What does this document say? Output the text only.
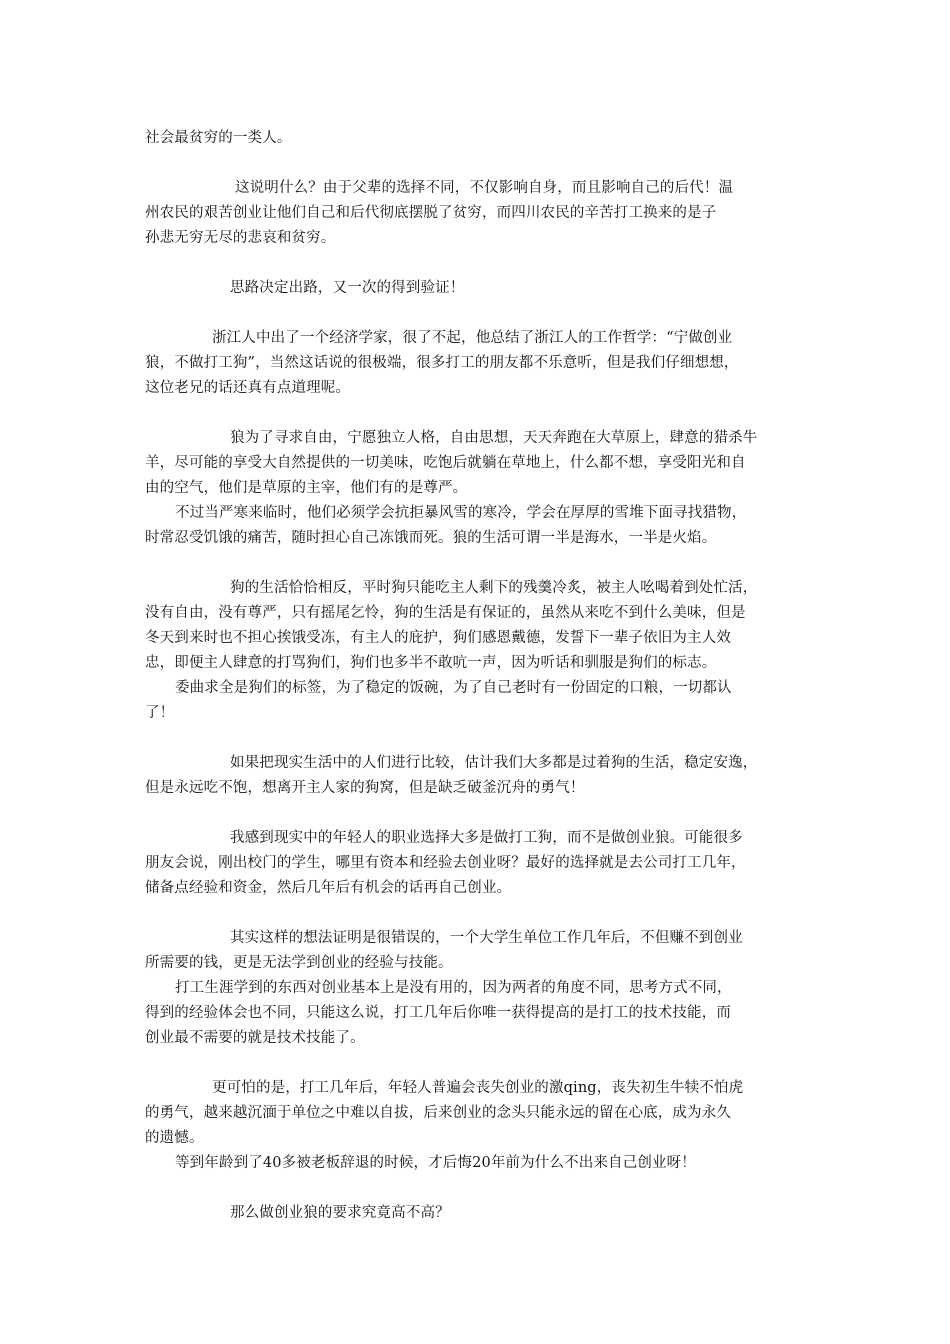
社会最贫穷的一类人。
这说明什么？由于父辈的选择不同，不仅影响自身，而且影响自己的后代！温
州农民的艰苦创业让他们自己和后代彻底摆脱了贫穷，而四川农民的辛苦打工换来的是子
孙悲无穷无尽的悲哀和贫穷。
思路决定出路，又一次的得到验证！
浙江人中出了一个经济学家，很了不起，他总结了浙江人的工作哲学：“宁做创业
狼，不做打工狗”，当然这话说的很极端，很多打工的朋友都不乐意听，但是我们仔细想想，
这位老兄的话还真有点道理呢。
狼为了寻求自由，宁愿独立人格，自由思想，天天奔跑在大草原上，肆意的猎杀牛
羊，尽可能的享受大自然提供的一切美味，吃饱后就躺在草地上，什么都不想，享受阳光和自
由的空气，他们是草原的主宰，他们有的是尊严。
不过当严寒来临时，他们必须学会抗拒暴风雪的寒冷，学会在厚厚的雪堆下面寻找猎物，
时常忍受饥饿的痛苦，随时担心自己冻饿而死。狼的生活可谓一半是海水，一半是火焰。
狗的生活恰恰相反，平时狗只能吃主人剩下的残羹冷炙，被主人吆喝着到处忙活，
没有自由，没有尊严，只有摇尾乞怜，狗的生活是有保证的，虽然从来吃不到什么美味，但是
冬天到来时也不担心挨饿受冻，有主人的庇护，狗们感恩戴德，发誓下一辈子依旧为主人效
忠，即便主人肆意的打骂狗们，狗们也多半不敢吭一声，因为听话和驯服是狗们的标志。
委曲求全是狗们的标签，为了稳定的饭碗，为了自己老时有一份固定的口粮，一切都认
了！
如果把现实生活中的人们进行比较，估计我们大多都是过着狗的生活，稳定安逸，
但是永远吃不饱，想离开主人家的狗窝，但是缺乏破釜沉舟的勇气！
我感到现实中的年轻人的职业选择大多是做打工狗，而不是做创业狼。可能很多
朋友会说，刚出校门的学生，哪里有资本和经验去创业呀？最好的选择就是去公司打工几年，
储备点经验和资金，然后几年后有机会的话再自己创业。
其实这样的想法证明是很错误的，一个大学生单位工作几年后，不但赚不到创业
所需要的钱，更是无法学到创业的经验与技能。
打工生涯学到的东西对创业基本上是没有用的，因为两者的角度不同，思考方式不同，
得到的经验体会也不同，只能这么说，打工几年后你唯一获得提高的是打工的技术技能，而
创业最不需要的就是技术技能了。
更可怕的是，打工几年后，年轻人普遍会丧失创业的激qing，丧失初生牛犊不怕虎
的勇气，越来越沉湎于单位之中难以自拔，后来创业的念头只能永远的留在心底，成为永久
的遗憾。
等到年龄到了40多被老板辞退的时候，才后悔20年前为什么不出来自己创业呀！
那么做创业狼的要求究竟高不高？
